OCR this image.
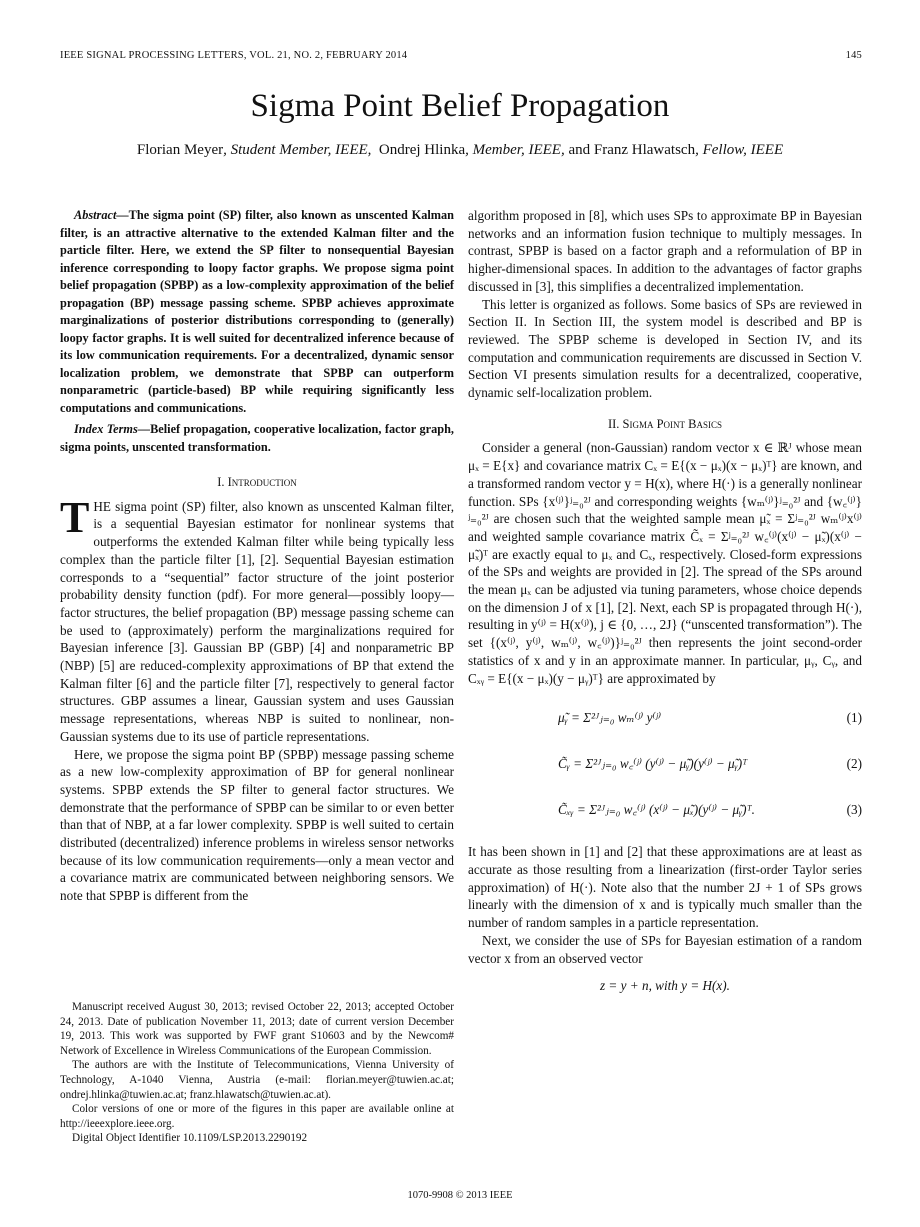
IEEE SIGNAL PROCESSING LETTERS, VOL. 21, NO. 2, FEBRUARY 2014	145
Sigma Point Belief Propagation
Florian Meyer, Student Member, IEEE, Ondrej Hlinka, Member, IEEE, and Franz Hlawatsch, Fellow, IEEE

Abstract—The sigma point (SP) filter, also known as unscented Kalman filter, is an attractive alternative to the extended Kalman filter and the particle filter. Here, we extend the SP filter to nonsequential Bayesian inference corresponding to loopy factor graphs. We propose sigma point belief propagation (SPBP) as a low-complexity approximation of the belief propagation (BP) message passing scheme. SPBP achieves approximate marginalizations of posterior distributions corresponding to (generally) loopy factor graphs. It is well suited for decentralized inference because of its low communication requirements. For a decentralized, dynamic sensor localization problem, we demonstrate that SPBP can outperform nonparametric (particle-based) BP while requiring significantly less computations and communications.

Index Terms—Belief propagation, cooperative localization, factor graph, sigma points, unscented transformation.

I. Introduction

THE sigma point (SP) filter, also known as unscented Kalman filter, is a sequential Bayesian estimator for nonlinear systems that outperforms the extended Kalman filter while being typically less complex than the particle filter [1], [2]. Sequential Bayesian estimation corresponds to a “sequential” factor structure of the joint posterior probability density function (pdf). For more general—possibly loopy—factor structures, the belief propagation (BP) message passing scheme can be used to (approximately) perform the marginalizations required for Bayesian inference [3]. Gaussian BP (GBP) [4] and nonparametric BP (NBP) [5] are reduced-complexity approximations of BP that extend the Kalman filter [6] and the particle filter [7], respectively to general factor structures. GBP assumes a linear, Gaussian system and uses Gaussian message representations, whereas NBP is suited to nonlinear, non-Gaussian systems due to its use of particle representations.

Here, we propose the sigma point BP (SPBP) message passing scheme as a new low-complexity approximation of BP for general nonlinear systems. SPBP extends the SP filter to general factor structures. We demonstrate that the performance of SPBP can be similar to or even better than that of NBP, at a far lower complexity. SPBP is well suited to certain distributed (decentralized) inference problems in wireless sensor networks because of its low communication requirements—only a mean vector and a covariance matrix are communicated between neighboring sensors. We note that SPBP is different from the

Manuscript received August 30, 2013; revised October 22, 2013; accepted October 24, 2013. Date of publication November 11, 2013; date of current version December 19, 2013. This work was supported by FWF grant S10603 and by the Newcom# Network of Excellence in Wireless Communications of the European Commission.

The authors are with the Institute of Telecommunications, Vienna University of Technology, A-1040 Vienna, Austria (e-mail: florian.meyer@tuwien.ac.at; ondrej.hlinka@tuwien.ac.at; franz.hlawatsch@tuwien.ac.at).

Color versions of one or more of the figures in this paper are available online at http://ieeexplore.ieee.org.

Digital Object Identifier 10.1109/LSP.2013.2290192

algorithm proposed in [8], which uses SPs to approximate BP in Bayesian networks and an information fusion technique to multiply messages. In contrast, SPBP is based on a factor graph and a reformulation of BP in higher-dimensional spaces. In addition to the advantages of factor graphs discussed in [3], this simplifies a decentralized implementation.

This letter is organized as follows. Some basics of SPs are reviewed in Section II. In Section III, the system model is described and BP is reviewed. The SPBP scheme is developed in Section IV, and its computation and communication requirements are discussed in Section V. Section VI presents simulation results for a decentralized, cooperative, dynamic self-localization problem.

II. Sigma Point Basics

Consider a general (non-Gaussian) random vector x ∈ ℝᴶ whose mean μₓ = E{x} and covariance matrix Cₓ = E{(x − μₓ)(x − μₓ)ᵀ} are known, and a transformed random vector y = H(x), where H(·) is a generally nonlinear function. SPs {x⁽ʲ⁾}ʲ₌₀²ᴶ and corresponding weights {wₘ⁽ʲ⁾}ʲ₌₀²ᴶ and {w꜀⁽ʲ⁾}ʲ₌₀²ᴶ are chosen such that the weighted sample mean μ̃ₓ = Σʲ₌₀²ᴶ wₘ⁽ʲ⁾x⁽ʲ⁾ and weighted sample covariance matrix C̃ₓ = Σʲ₌₀²ᴶ w꜀⁽ʲ⁾(x⁽ʲ⁾ − μ̃ₓ)(x⁽ʲ⁾ − μ̃ₓ)ᵀ are exactly equal to μₓ and Cₓ, respectively. Closed-form expressions of the SPs and weights are provided in [2]. The spread of the SPs around the mean μₓ can be adjusted via tuning parameters, whose choice depends on the dimension J of x [1], [2]. Next, each SP is propagated through H(·), resulting in y⁽ʲ⁾ = H(x⁽ʲ⁾), j ∈ {0, …, 2J} (“unscented transformation”). The set {(x⁽ʲ⁾, y⁽ʲ⁾, wₘ⁽ʲ⁾, w꜀⁽ʲ⁾)}ʲ₌₀²ᴶ then represents the joint second-order statistics of x and y in an approximate manner. In particular, μᵧ, Cᵧ, and Cₓᵧ = E{(x − μₓ)(y − μᵧ)ᵀ} are approximated by

μ̃ᵧ = Σ²ᴶⱼ₌₀ wₘ⁽ʲ⁾ y⁽ʲ⁾	(1)
C̃ᵧ = Σ²ᴶⱼ₌₀ w꜀⁽ʲ⁾ (y⁽ʲ⁾ − μ̃ᵧ)(y⁽ʲ⁾ − μ̃ᵧ)ᵀ	(2)
C̃ₓᵧ = Σ²ᴶⱼ₌₀ w꜀⁽ʲ⁾ (x⁽ʲ⁾ − μ̃ₓ)(y⁽ʲ⁾ − μ̃ᵧ)ᵀ.	(3)

It has been shown in [1] and [2] that these approximations are at least as accurate as those resulting from a linearization (first-order Taylor series approximation) of H(·). Note also that the number 2J + 1 of SPs grows linearly with the dimension of x and is typically much smaller than the number of random samples in a particle representation.

Next, we consider the use of SPs for Bayesian estimation of a random vector x from an observed vector

z = y + n, with y = H(x).
1070-9908 © 2013 IEEE
